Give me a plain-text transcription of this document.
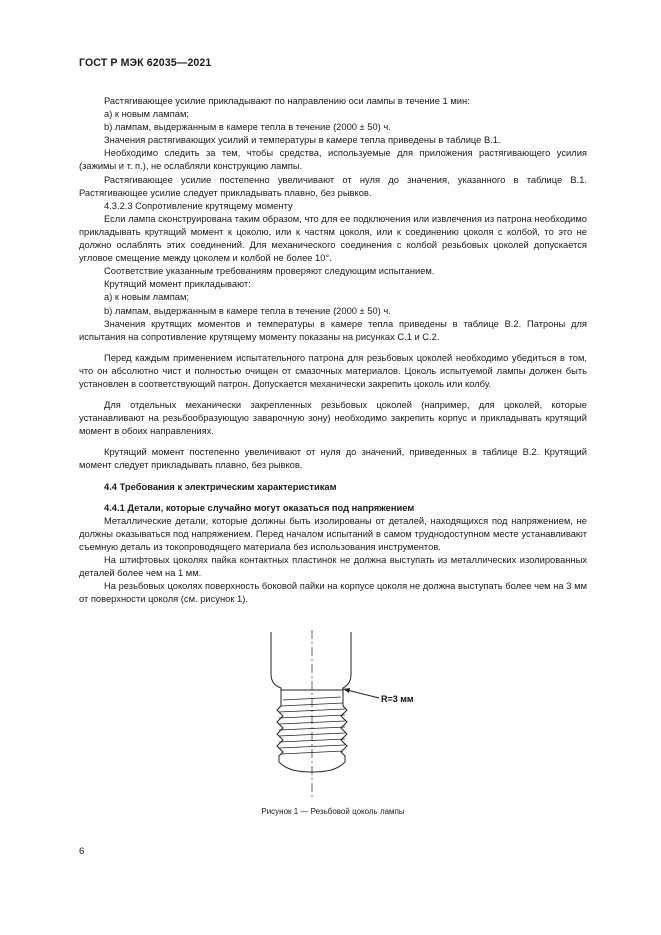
ГОСТ Р МЭК 62035—2021

Растягивающее усилие прикладывают по направлению оси лампы в течение 1 мин:

a) к новым лампам;

b) лампам, выдержанным в камере тепла в течение (2000 ± 50) ч.

Значения растягивающих усилий и температуры в камере тепла приведены в таблице В.1.

Необходимо следить за тем, чтобы средства, используемые для приложения растягивающего усилия (зажимы и т. п.), не ослабляли конструкцию лампы.

Растягивающее усилие постепенно увеличивают от нуля до значения, указанного в таблице В.1. Растягивающее усилие следует прикладывать плавно, без рывков.

4.3.2.3 Сопротивление крутящему моменту

Если лампа сконструирована таким образом, что для ее подключения или извлечения из патрона необходимо прикладывать крутящий момент к цоколю, или к частям цоколя, или к соединению цоколя с колбой, то это не должно ослаблять этих соединений. Для механического соединения с колбой резьбовых цоколей допускается угловое смещение между цоколем и колбой не более 10°.

Соответствие указанным требованиям проверяют следующим испытанием.

Крутящий момент прикладывают:

a) к новым лампам;

b) лампам, выдержанным в камере тепла в течение (2000 ± 50) ч.

Значения крутящих моментов и температуры в камере тепла приведены в таблице В.2. Патроны для испытания на сопротивление крутящему моменту показаны на рисунках С.1 и С.2.

Перед каждым применением испытательного патрона для резьбовых цоколей необходимо убедиться в том, что он абсолютно чист и полностью очищен от смазочных материалов. Цоколь испытуемой лампы должен быть установлен в соответствующий патрон. Допускается механически закрепить цоколь или колбу.

Для отдельных механически закрепленных резьбовых цоколей (например, для цоколей, которые устанавливают на резьбообразующую заварочную зону) необходимо закрепить корпус и прикладывать крутящий момент в обоих направлениях.

Крутящий момент постепенно увеличивают от нуля до значений, приведенных в таблице В.2. Крутящий момент следует прикладывать плавно, без рывков.

4.4 Требования к электрическим характеристикам

4.4.1 Детали, которые случайно могут оказаться под напряжением

Металлические детали, которые должны быть изолированы от деталей, находящихся под напряжением, не должны оказываться под напряжением. Перед началом испытаний в самом труднодоступном месте устанавливают съемную деталь из токопроводящего материала без использования инструментов.

На штифтовых цоколях пайка контактных пластинок не должна выступать из металлических изолированных деталей более чем на 1 мм.

На резьбовых цоколях поверхность боковой пайки на корпусе цоколя не должна выступать более чем на 3 мм от поверхности цоколя (см. рисунок 1).

R=3 мм
Рисунок 1 — Резьбовой цоколь лампы
6
